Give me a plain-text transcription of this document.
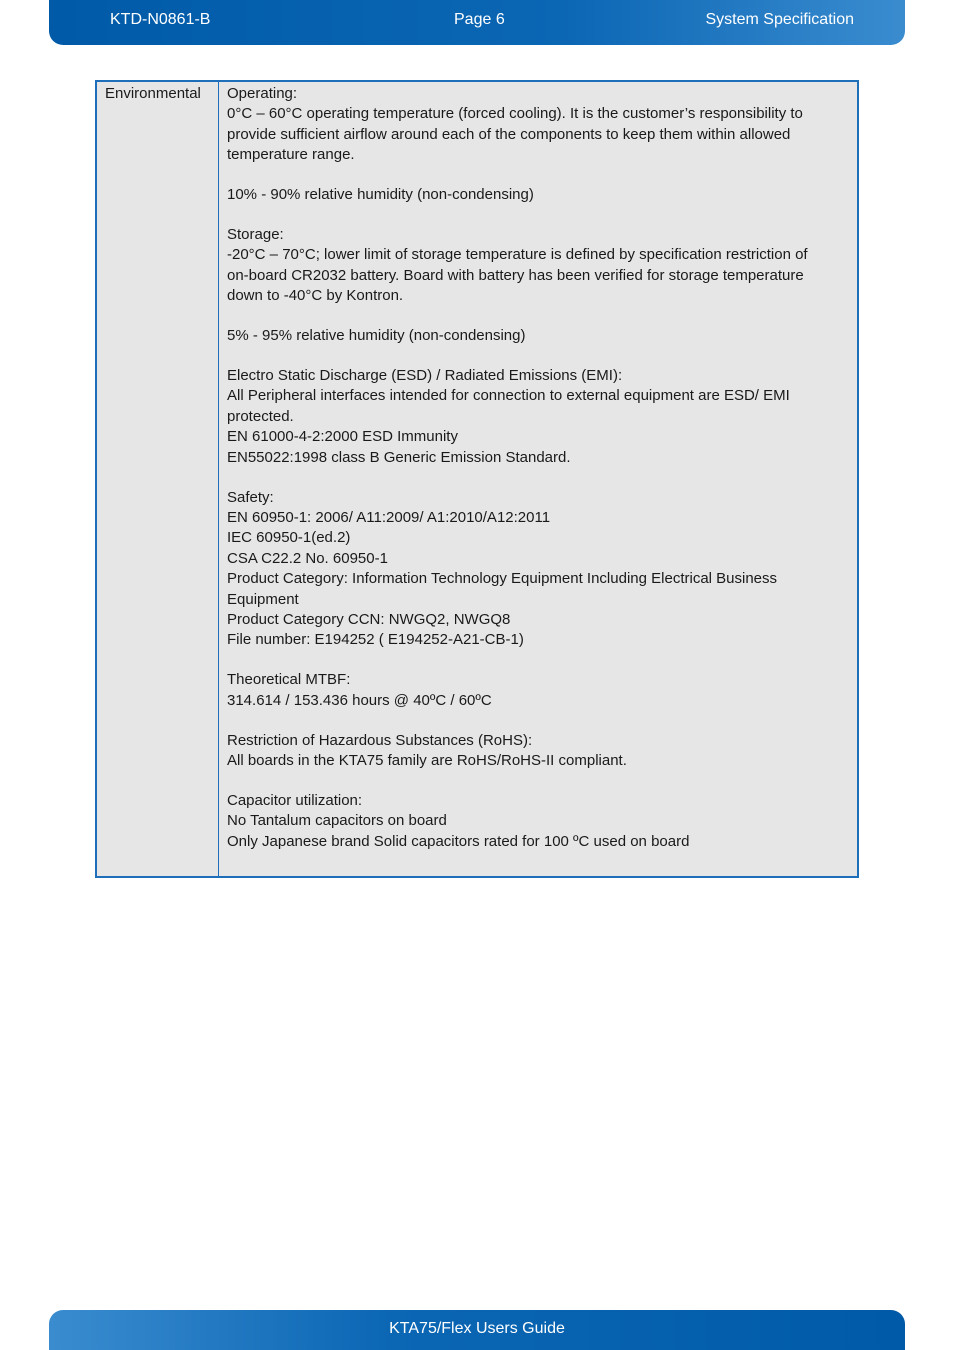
KTD-N0861-B	Page 6	System Specification
Environmental	Operating:
0°C – 60°C operating temperature (forced cooling). It is the customer’s responsibility to
provide sufficient airflow around each of the components to keep them within allowed
temperature range.
10% - 90% relative humidity (non-condensing)
Storage:
-20°C – 70°C; lower limit of storage temperature is defined by specification restriction of
on-board CR2032 battery. Board with battery has been verified for storage temperature
down to -40°C by Kontron.
5% - 95% relative humidity (non-condensing)
Electro Static Discharge (ESD) / Radiated Emissions (EMI):
All Peripheral interfaces intended for connection to external equipment are ESD/ EMI
protected.
EN 61000-4-2:2000 ESD Immunity
EN55022:1998 class B Generic Emission Standard.
Safety:
EN 60950-1: 2006/ A11:2009/ A1:2010/A12:2011
IEC 60950-1(ed.2)
CSA C22.2 No. 60950-1
Product Category: Information Technology Equipment Including Electrical Business
Equipment
Product Category CCN: NWGQ2, NWGQ8
File number: E194252 ( E194252-A21-CB-1)
Theoretical MTBF:
314.614 / 153.436 hours @ 40ºC / 60ºC
Restriction of Hazardous Substances (RoHS):
All boards in the KTA75 family are RoHS/RoHS-II compliant.
Capacitor utilization:
No Tantalum capacitors on board
Only Japanese brand Solid capacitors rated for 100 ºC used on board
KTA75/Flex Users Guide
